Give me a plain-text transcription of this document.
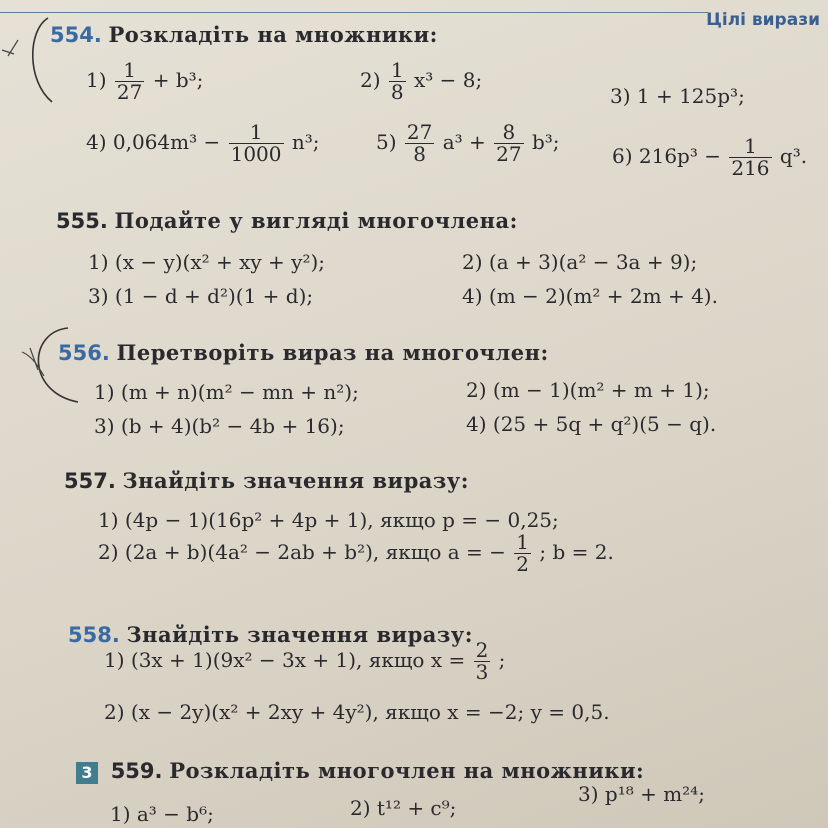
Цілі вирази
554. Розкладіть на множники:
$1) \frac{1}{27} + b^3$;	$2) \frac{1}{8} x^3 - 8$;
3) 1 + 125p³;
4) $0,064m^3 - \frac{1}{1000} n^3$;	$5) \frac{27}{8} a^3 + \frac{8}{27} b^3$;
6) $216p^3 - \frac{1}{216} q^3$.
555. Подайте у вигляді многочлена:
1) (x − y)(x² + xy + y²);	2) (a + 3)(a² − 3a + 9);
3) (1 − d + d²)(1 + d);	4) (m − 2)(m² + 2m + 4).
556. Перетворіть вираз на многочлен:
1) (m + n)(m² − mn + n²);	2) (m − 1)(m² + m + 1);
3) (b + 4)(b² − 4b + 16);	4) (25 + 5q + q²)(5 − q).
557. Знайдіть значення виразу:
1) (4p − 1)(16p² + 4p + 1), якщо p = − 0,25;
2) (2a + b)(4a² − 2ab + b²), якщо a = − $\frac{1}{2}$ ; b = 2.
558. Знайдіть значення виразу:
1) (3x + 1)(9x² − 3x + 1), якщо $x = \frac{2}{3}$ ;
2) (x − 2y)(x² + 2xy + 4y²), якщо x = −2; y = 0,5.
3 559. Розкладіть многочлен на множники:
1) a³ − b⁶;	2) t¹² + c⁹;
3) p¹⁸ + m²⁴;
